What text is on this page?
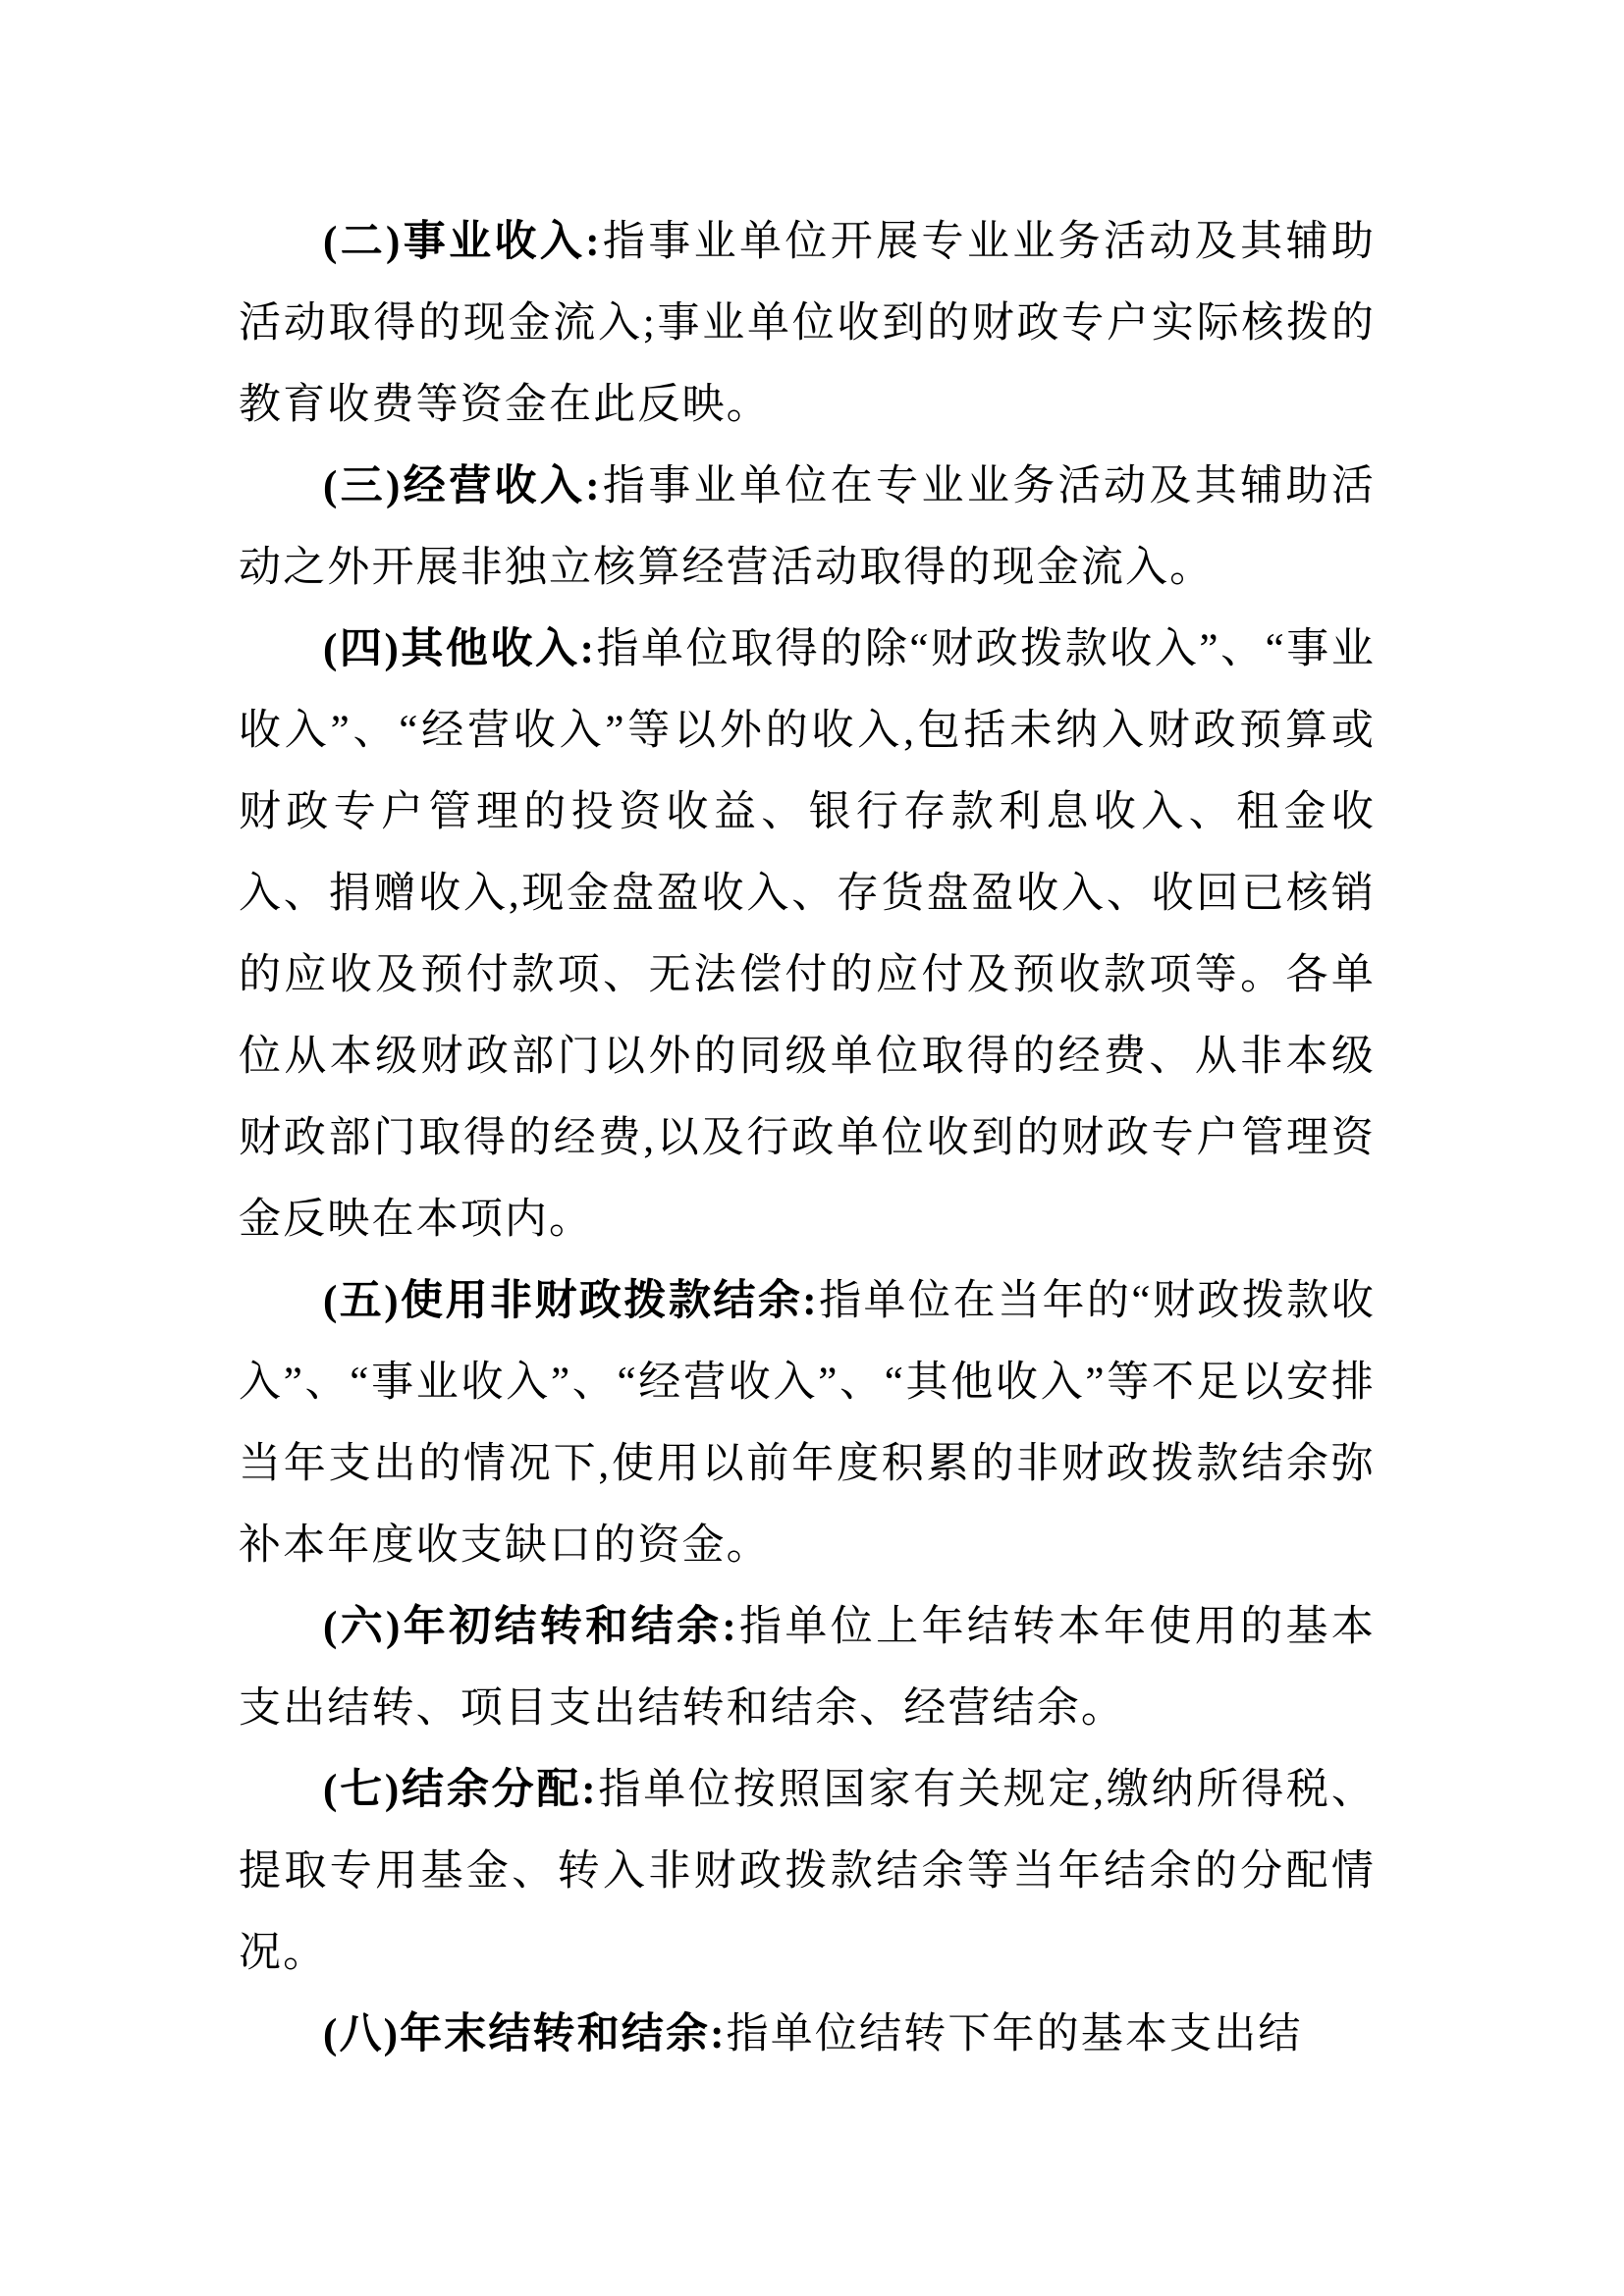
(二)事业收入:指事业单位开展专业业务活动及其辅助活动取得的现金流入;事业单位收到的财政专户实际核拨的教育收费等资金在此反映。

(三)经营收入:指事业单位在专业业务活动及其辅助活动之外开展非独立核算经营活动取得的现金流入。

(四)其他收入:指单位取得的除“财政拨款收入”、“事业收入”、“经营收入”等以外的收入,包括未纳入财政预算或财政专户管理的投资收益、银行存款利息收入、租金收入、捐赠收入,现金盘盈收入、存货盘盈收入、收回已核销的应收及预付款项、无法偿付的应付及预收款项等。各单位从本级财政部门以外的同级单位取得的经费、从非本级财政部门取得的经费,以及行政单位收到的财政专户管理资金反映在本项内。

(五)使用非财政拨款结余:指单位在当年的“财政拨款收入”、“事业收入”、“经营收入”、“其他收入”等不足以安排当年支出的情况下,使用以前年度积累的非财政拨款结余弥补本年度收支缺口的资金。

(六)年初结转和结余:指单位上年结转本年使用的基本支出结转、项目支出结转和结余、经营结余。

(七)结余分配:指单位按照国家有关规定,缴纳所得税、提取专用基金、转入非财政拨款结余等当年结余的分配情况。

(八)年末结转和结余:指单位结转下年的基本支出结
